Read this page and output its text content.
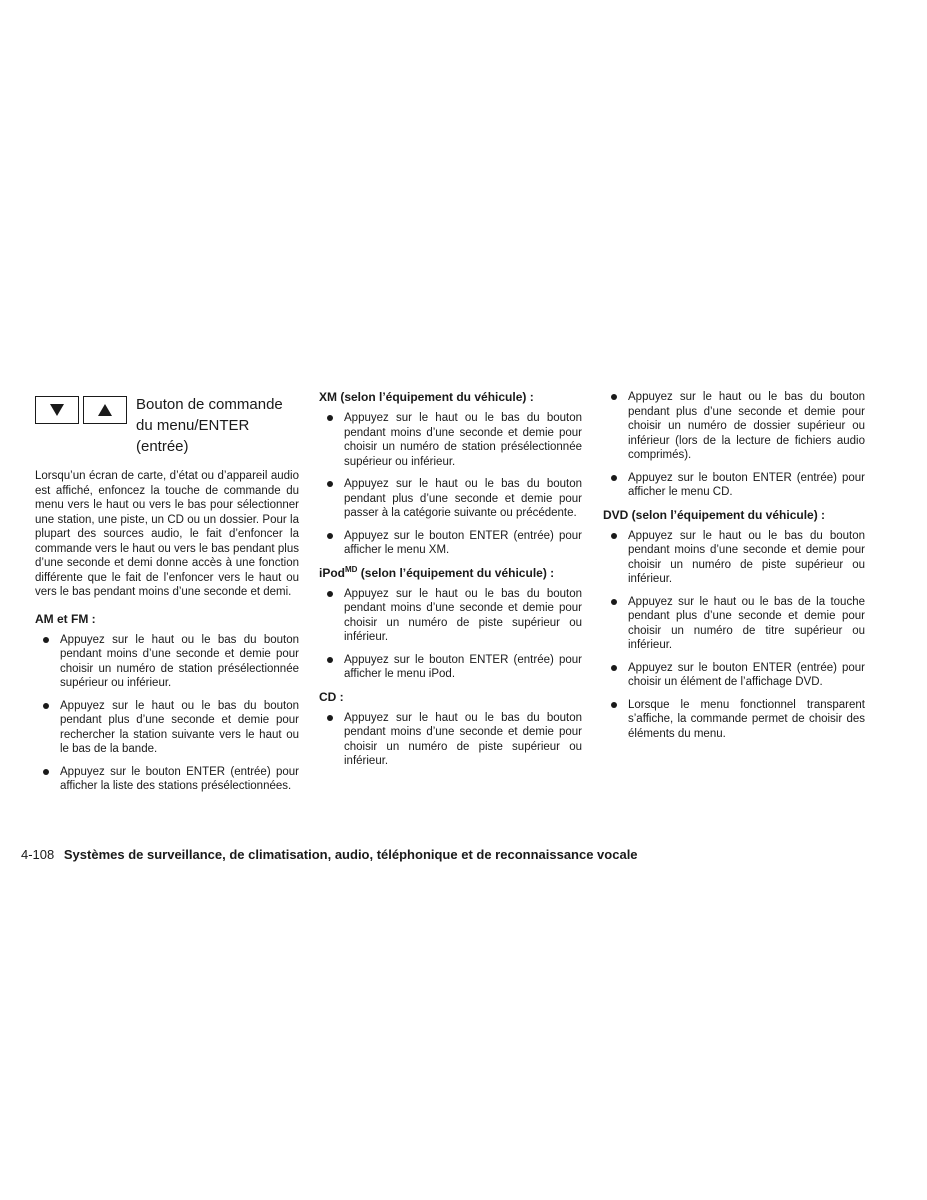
Bouton de commande
du menu/ENTER
(entrée)

Lorsqu’un écran de carte, d’état ou d’appareil audio est affiché, enfoncez la touche de commande du menu vers le haut ou vers le bas pour sélectionner une station, une piste, un CD ou un dossier. Pour la plupart des sources audio, le fait d’enfoncer la commande vers le haut ou vers le bas pendant plus d’une seconde et demi donne accès à une fonction différente que le fait de l’enfoncer vers le haut ou vers le bas pendant moins d’une seconde et demi.

AM et FM :

Appuyez sur le haut ou le bas du bouton pendant moins d’une seconde et demie pour choisir un numéro de station présélectionnée supérieur ou inférieur.
Appuyez sur le haut ou le bas du bouton pendant plus d’une seconde et demie pour rechercher la station suivante vers le haut ou le bas de la bande.
Appuyez sur le bouton ENTER (entrée) pour afficher la liste des stations présélectionnées.

XM (selon l’équipement du véhicule) :

Appuyez sur le haut ou le bas du bouton pendant moins d’une seconde et demie pour choisir un numéro de station présélectionnée supérieur ou inférieur.
Appuyez sur le haut ou le bas du bouton pendant plus d’une seconde et demie pour passer à la catégorie suivante ou précédente.
Appuyez sur le bouton ENTER (entrée) pour afficher le menu XM.

iPod$^{MD}$ (selon l’équipement du véhicule) :

Appuyez sur le haut ou le bas du bouton pendant moins d’une seconde et demie pour choisir un numéro de piste supérieur ou inférieur.
Appuyez sur le bouton ENTER (entrée) pour afficher le menu iPod.

CD :

Appuyez sur le haut ou le bas du bouton pendant moins d’une seconde et demie pour choisir un numéro de piste supérieur ou inférieur.
Appuyez sur le haut ou le bas du bouton pendant plus d’une seconde et demie pour choisir un numéro de dossier supérieur ou inférieur (lors de la lecture de fichiers audio comprimés).
Appuyez sur le bouton ENTER (entrée) pour afficher le menu CD.

DVD (selon l’équipement du véhicule) :

Appuyez sur le haut ou le bas du bouton pendant moins d’une seconde et demie pour choisir un numéro de piste supérieur ou inférieur.
Appuyez sur le haut ou le bas de la touche pendant plus d’une seconde et demie pour choisir un numéro de titre supérieur ou inférieur.
Appuyez sur le bouton ENTER (entrée) pour choisir un élément de l’affichage DVD.
Lorsque le menu fonctionnel transparent s’affiche, la commande permet de choisir des éléments du menu.
4-108 Systèmes de surveillance, de climatisation, audio, téléphonique et de reconnaissance vocale
